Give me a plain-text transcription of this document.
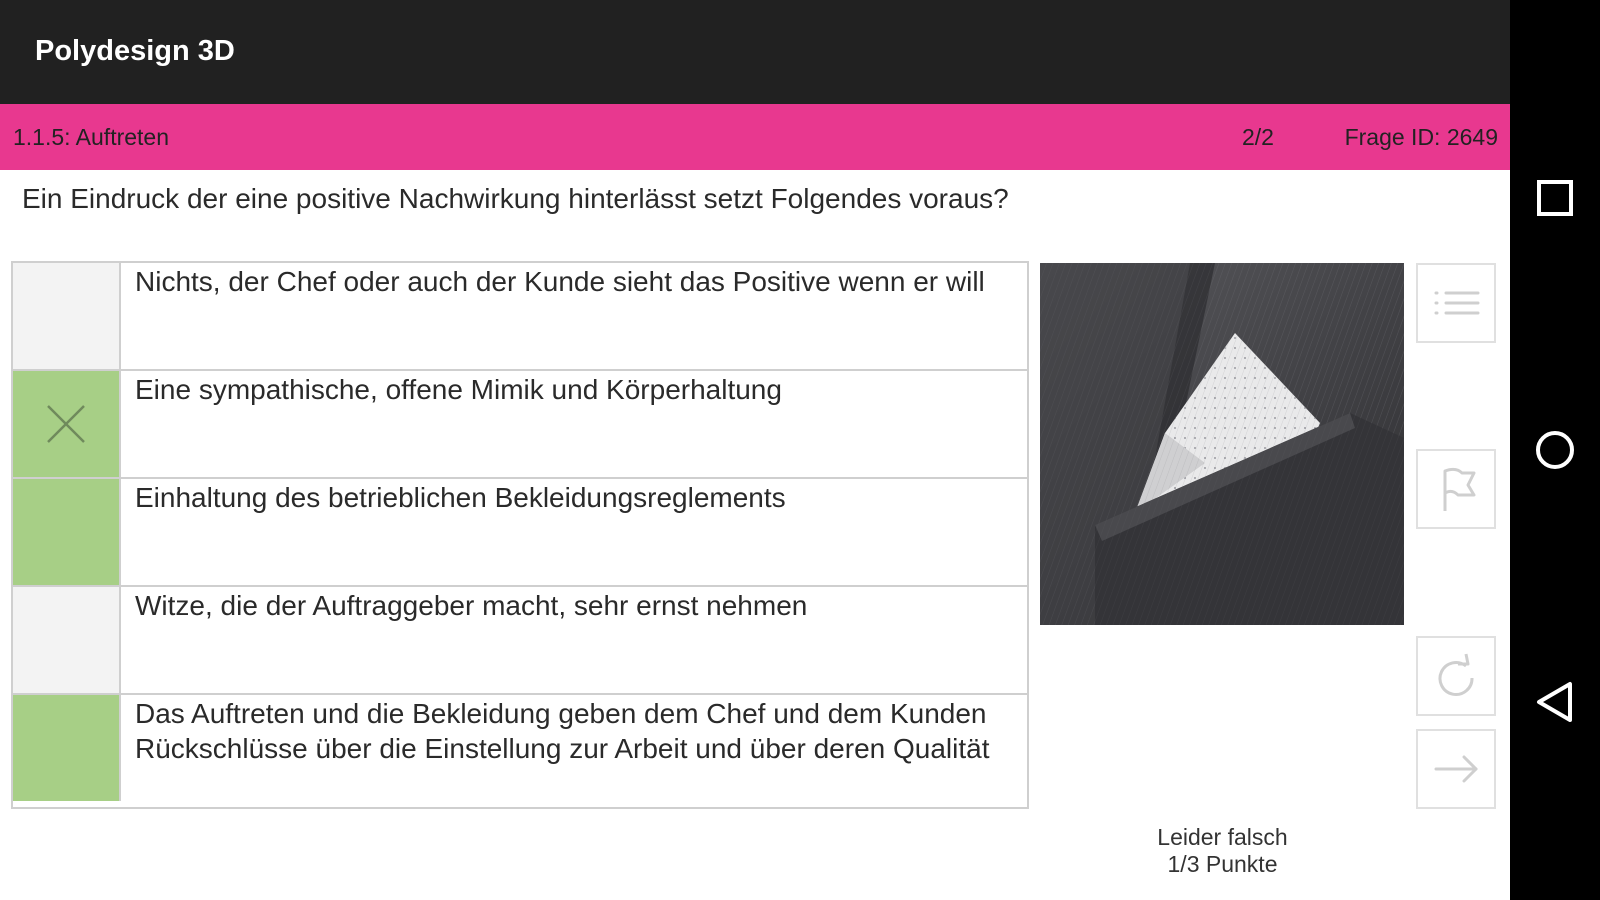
Polydesign 3D
1.1.5: Auftreten	2/2	Frage ID: 2649
Ein Eindruck der eine positive Nachwirkung hinterlässt setzt Folgendes voraus?
Nichts, der Chef oder auch der Kunde sieht das Positive wenn er will
Eine sympathische, offene Mimik und Körperhaltung
Einhaltung des betrieblichen Bekleidungsreglements
Witze, die der Auftraggeber macht, sehr ernst nehmen
Das Auftreten und die Bekleidung geben dem Chef und dem Kunden Rückschlüsse über die Einstellung zur Arbeit und über deren Qualität
Leider falsch
1/3 Punkte
